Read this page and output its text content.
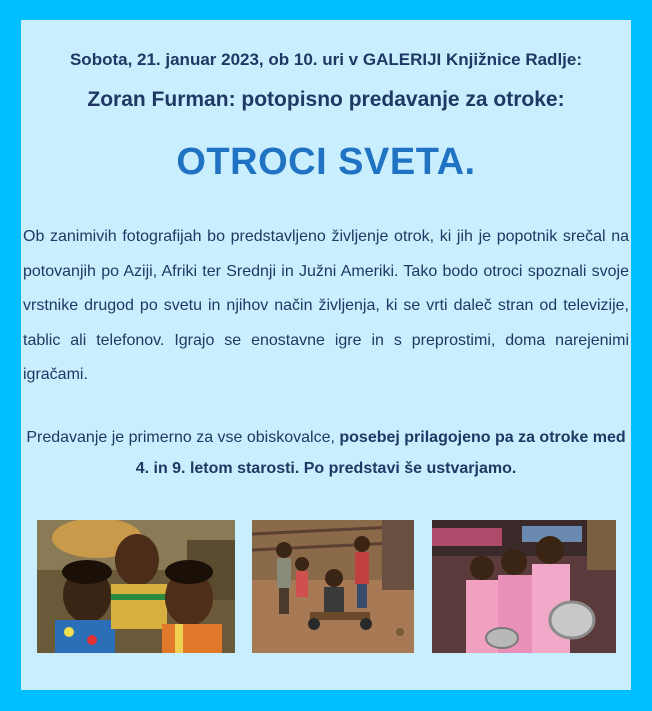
Sobota, 21. januar 2023, ob 10. uri v GALERIJI Knjižnice Radlje:
Zoran Furman: potopisno predavanje za otroke:
OTROCI SVETA.
Ob zanimivih fotografijah bo predstavljeno življenje otrok, ki jih je popotnik srečal na potovanjih po Aziji, Afriki ter Srednji in Južni Ameriki. Tako bodo otroci spoznali svoje vrstnike drugod po svetu in njihov način življenja, ki se vrti daleč stran od televizije, tablic ali telefonov. Igrajo se enostavne igre in s preprostimi, doma narejenimi igračami.
Predavanje je primerno za vse obiskovalce, posebej prilagojeno pa za otroke med 4. in 9. letom starosti. Po predstavi še ustvarjamo.
